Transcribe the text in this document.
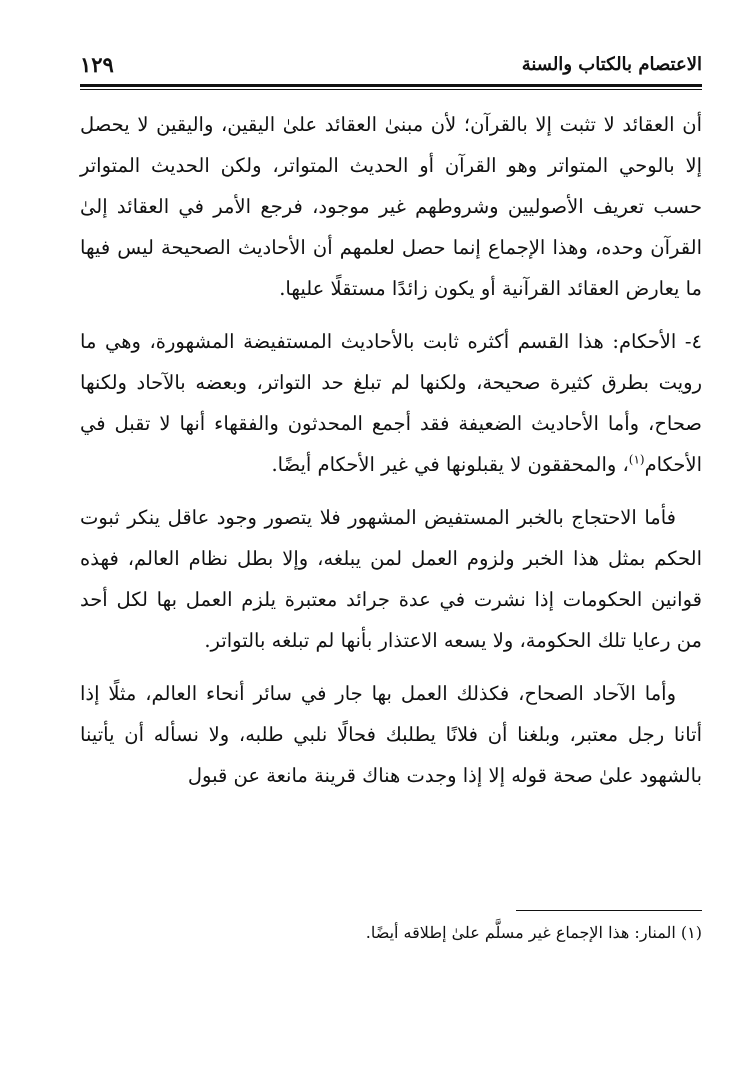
الاعتصام بالكتاب والسنة
١٢٩

أن العقائد لا تثبت إلا بالقرآن؛ لأن مبنىٰ العقائد علىٰ اليقين، واليقين لا يحصل إلا بالوحي المتواتر وهو القرآن أو الحديث المتواتر، ولكن الحديث المتواتر حسب تعريف الأصوليين وشروطهم غير موجود، فرجع الأمر في العقائد إلىٰ القرآن وحده، وهذا الإجماع إنما حصل لعلمهم أن الأحاديث الصحيحة ليس فيها ما يعارض العقائد القرآنية أو يكون زائدًا مستقلًا عليها.

٤- الأحكام: هذا القسم أكثره ثابت بالأحاديث المستفيضة المشهورة، وهي ما رويت بطرق كثيرة صحيحة، ولكنها لم تبلغ حد التواتر، وبعضه بالآحاد ولكنها صحاح، وأما الأحاديث الضعيفة فقد أجمع المحدثون والفقهاء أنها لا تقبل في الأحكام$^{(١)}$، والمحققون لا يقبلونها في غير الأحكام أيضًا.

فأما الاحتجاج بالخبر المستفيض المشهور فلا يتصور وجود عاقل ينكر ثبوت الحكم بمثل هذا الخبر ولزوم العمل لمن يبلغه، وإلا بطل نظام العالم، فهذه قوانين الحكومات إذا نشرت في عدة جرائد معتبرة يلزم العمل بها لكل أحد من رعايا تلك الحكومة، ولا يسعه الاعتذار بأنها لم تبلغه بالتواتر.

وأما الآحاد الصحاح، فكذلك العمل بها جار في سائر أنحاء العالم، مثلًا إذا أتانا رجل معتبر، وبلغنا أن فلانًا يطلبك فحالًا نلبي طلبه، ولا نسأله أن يأتينا بالشهود علىٰ صحة قوله إلا إذا وجدت هناك قرينة مانعة عن قبول

(١) المنار: هذا الإجماع غير مسلَّم علىٰ إطلاقه أيضًا.
